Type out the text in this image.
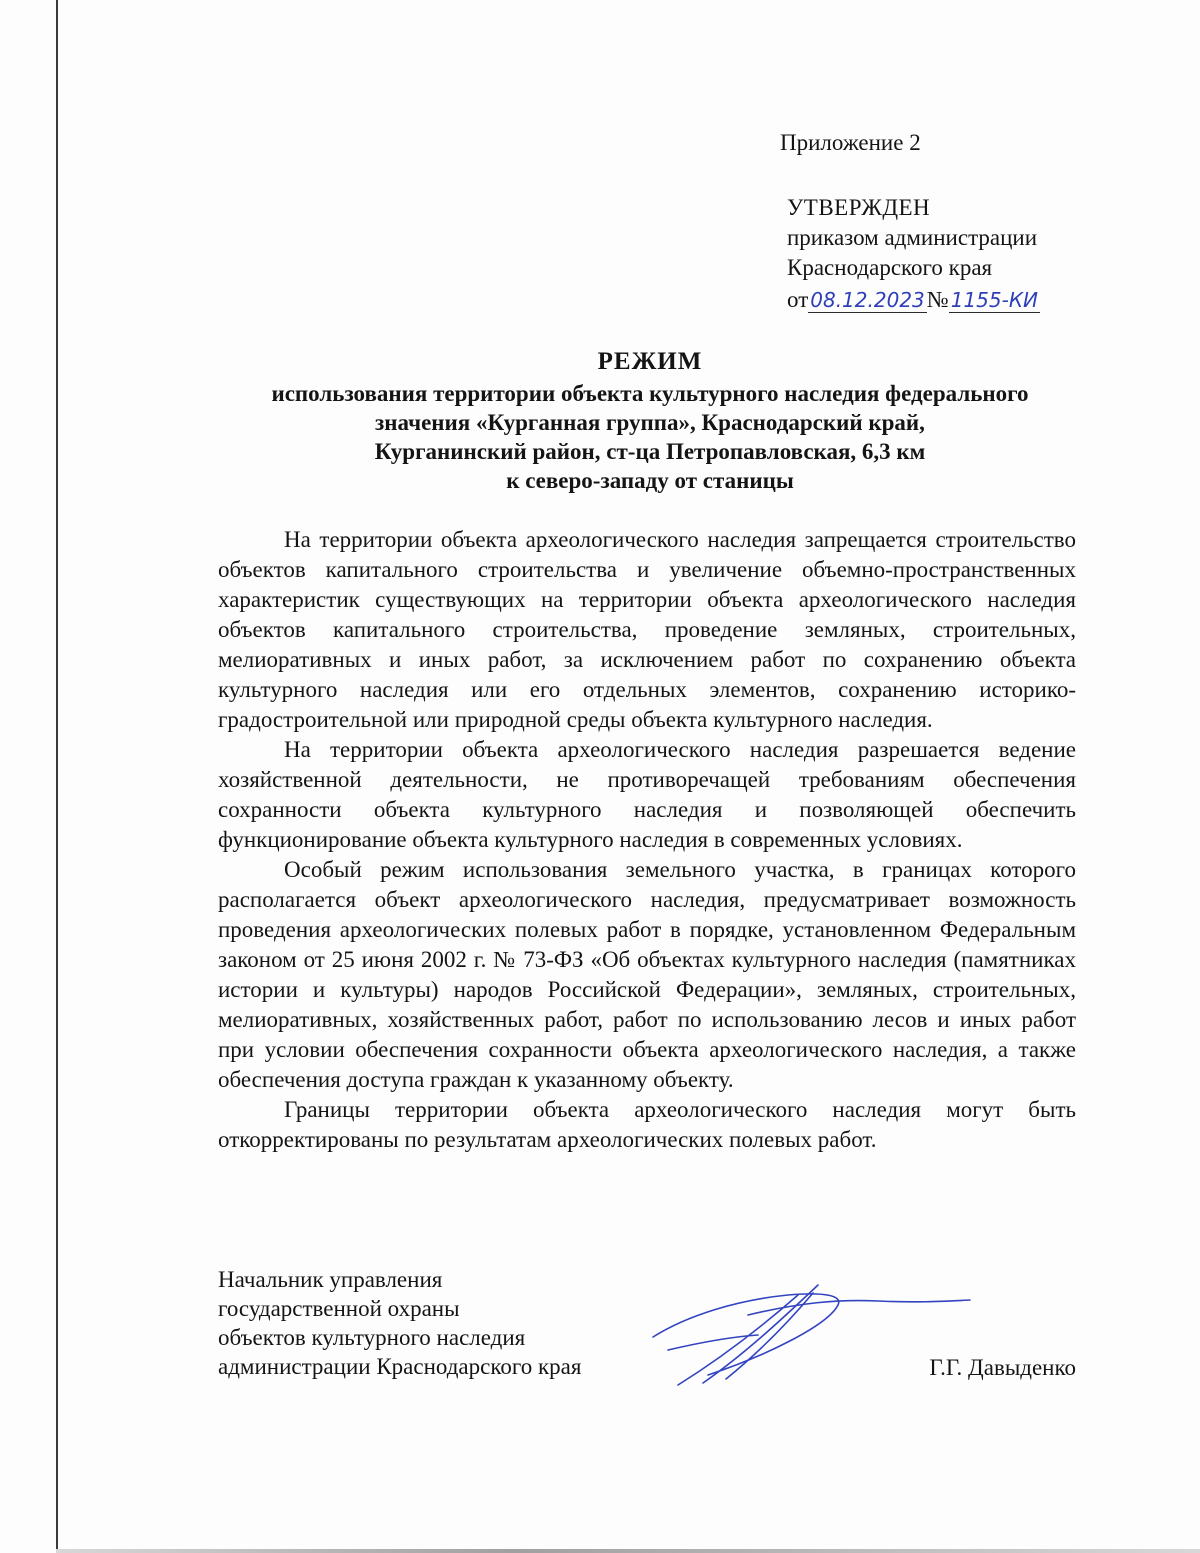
Приложение 2
УТВЕРЖДЕН
приказом администрации
Краснодарского края
от 08.12.2023№ 1155-КИ
РЕЖИМ
использования территории объекта культурного наследия федерального
значения «Курганная группа», Краснодарский край,
Курганинский район, ст-ца Петропавловская, 6,3 км
к северо-западу от станицы

На территории объекта археологического наследия запрещается строительство объектов капитального строительства и увеличение объемно-пространственных характеристик существующих на территории объекта археологического наследия объектов капитального строительства, проведение земляных, строительных, мелиоративных и иных работ, за исключением работ по сохранению объекта культурного наследия или его отдельных элементов, сохранению историко-градостроительной или природной среды объекта культурного наследия.

На территории объекта археологического наследия разрешается ведение хозяйственной деятельности, не противоречащей требованиям обеспечения сохранности объекта культурного наследия и позволяющей обеспечить функционирование объекта культурного наследия в современных условиях.

Особый режим использования земельного участка, в границах которого располагается объект археологического наследия, предусматривает возможность проведения археологических полевых работ в порядке, установленном Федеральным законом от 25 июня 2002 г. № 73-ФЗ «Об объектах культурного наследия (памятниках истории и культуры) народов Российской Федерации», земляных, строительных, мелиоративных, хозяйственных работ, работ по использованию лесов и иных работ при условии обеспечения сохранности объекта археологического наследия, а также обеспечения доступа граждан к указанному объекту.

Границы территории объекта археологического наследия могут быть откорректированы по результатам археологических полевых работ.

Начальник управления
государственной охраны
объектов культурного наследия
администрации Краснодарского края	Г.Г. Давыденко
